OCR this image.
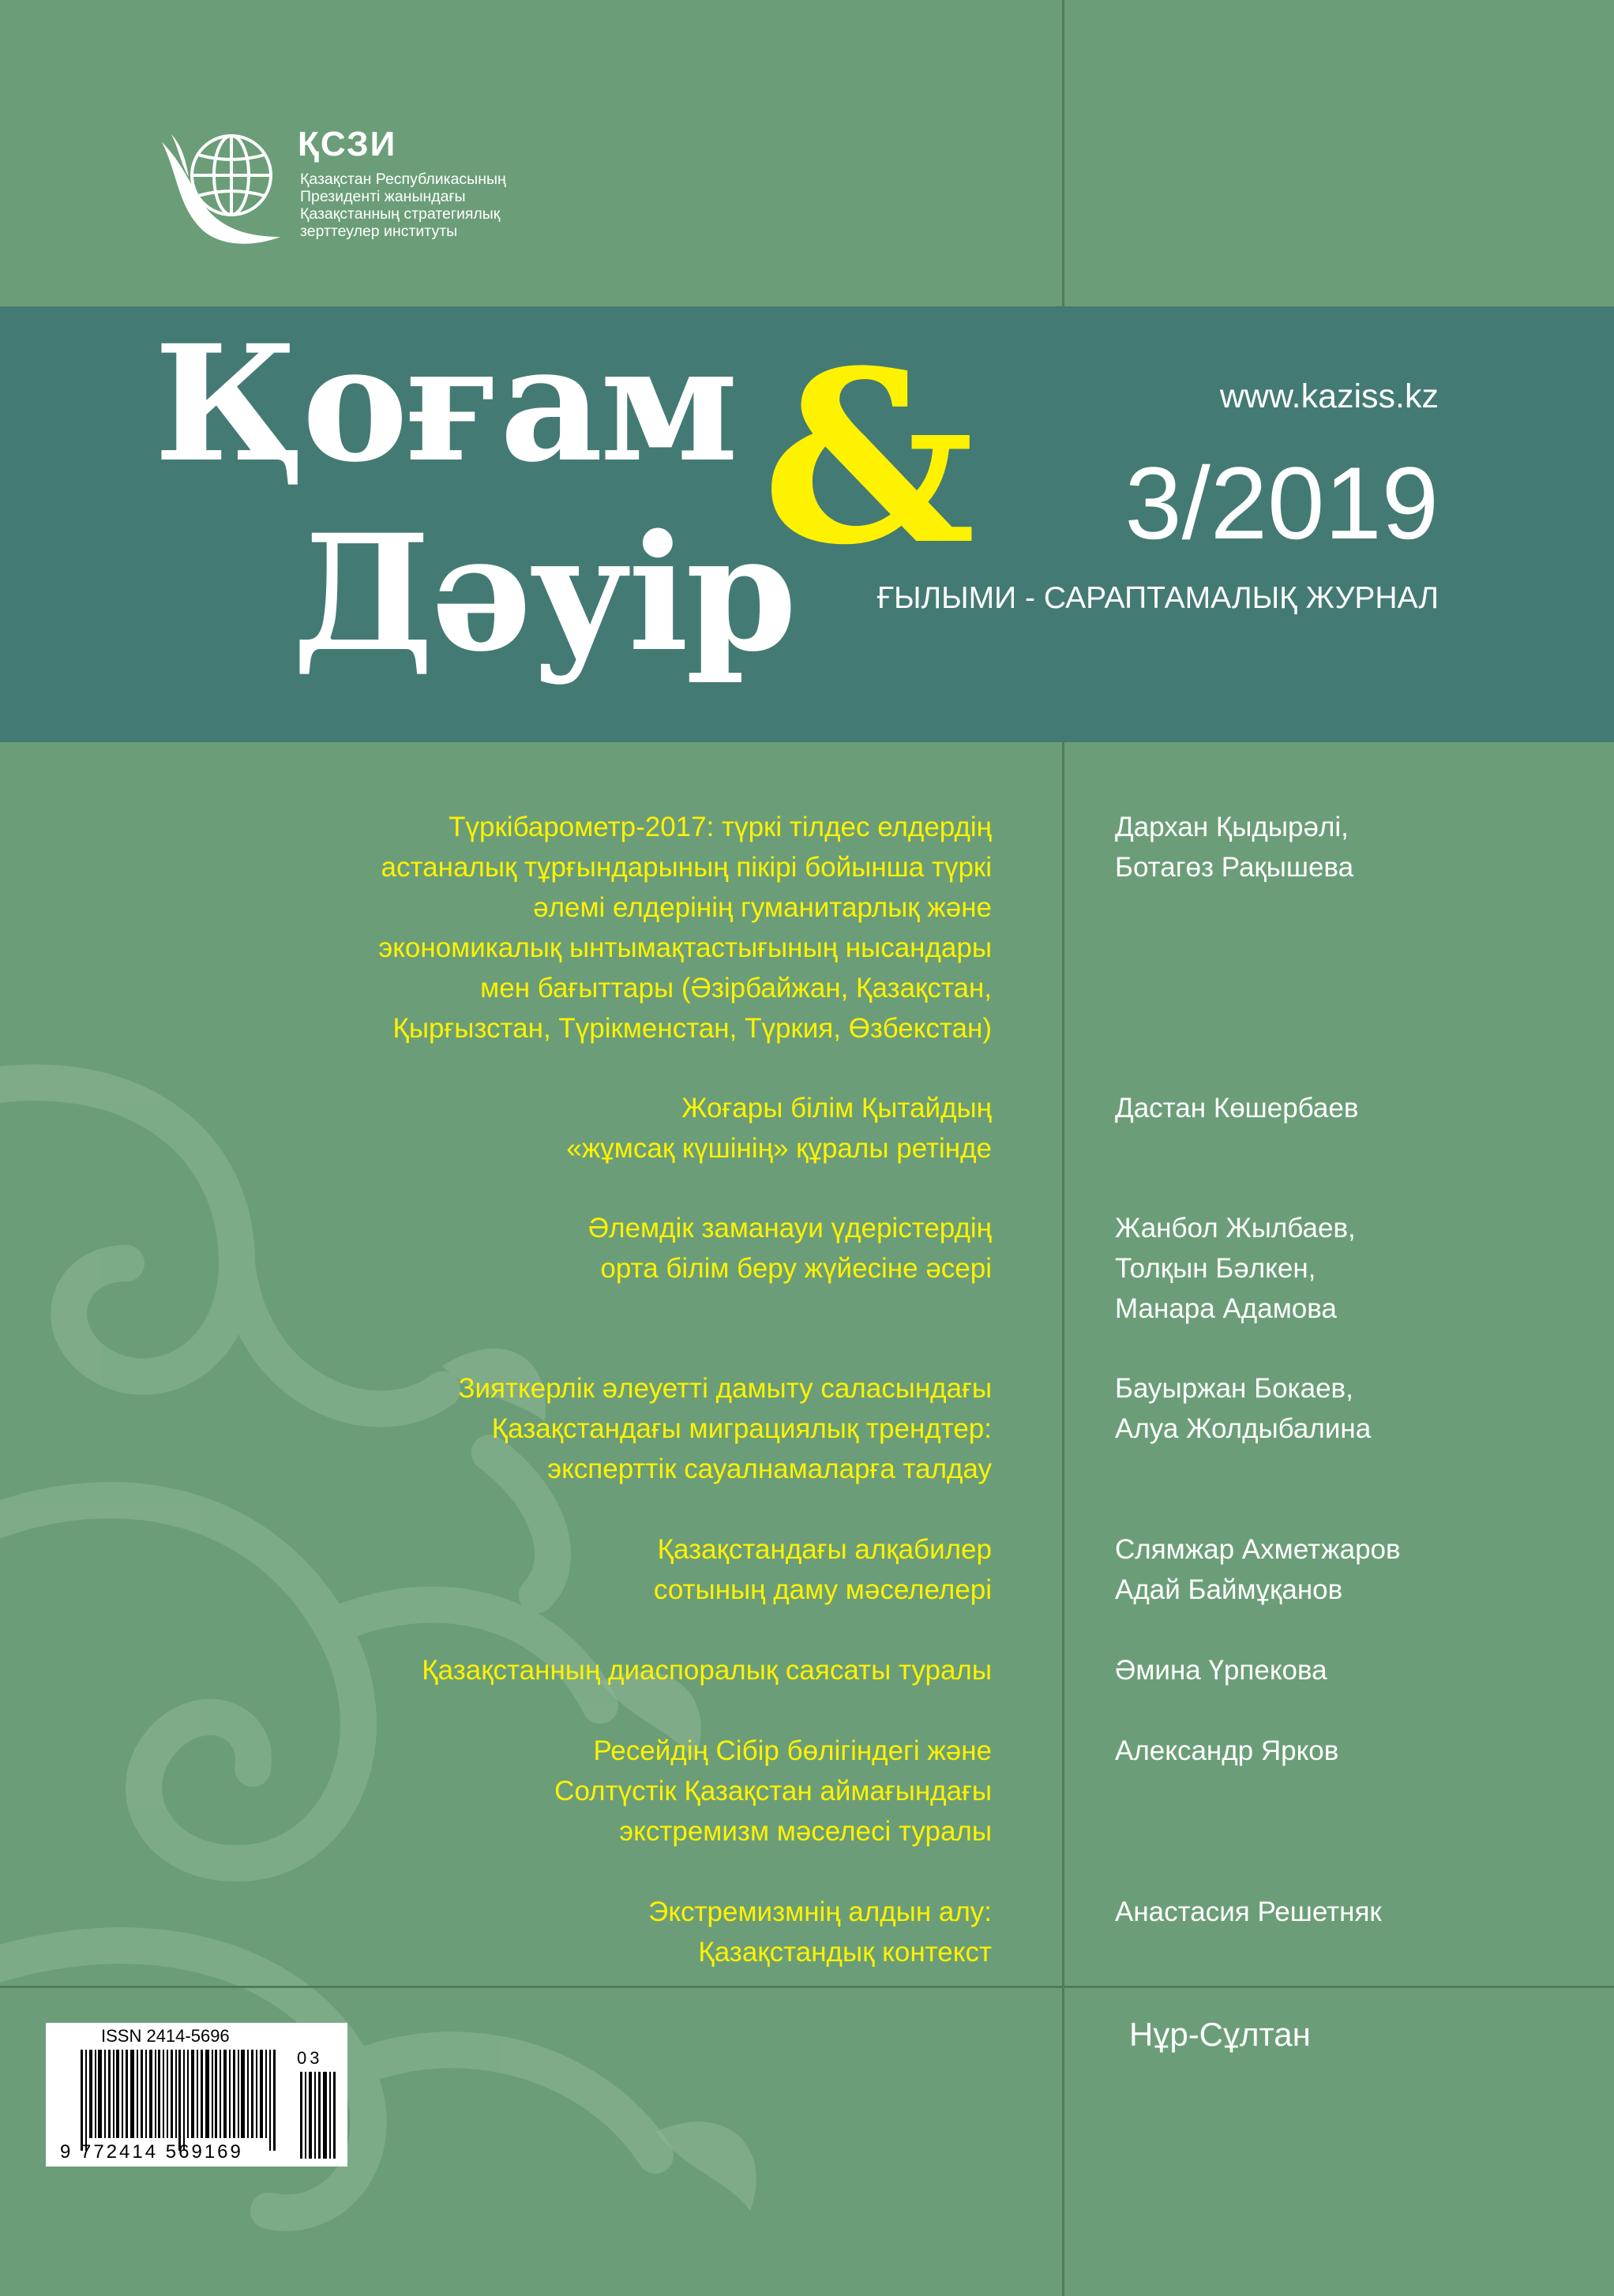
ҚСЗИ
Қазақстан Республикасының
Президенті жанындағы
Қазақстанның стратегиялық
зерттеулер институты
Қоғам
Дәуір
&	www.kaziss.kz
3/2019
ҒЫЛЫМИ - САРАПТАМАЛЫҚ ЖУРНАЛ
Түркібарометр-2017: түркі тілдес елдердің
астаналық тұрғындарының пікірі бойынша түркі
әлемі елдерінің гуманитарлық және
экономикалық ынтымақтастығының нысандары
мен бағыттары (Әзірбайжан, Қазақстан,
Қырғызстан, Түрікменстан, Түркия, Өзбекстан)
Дархан Қыдырәлі,
Ботагөз Рақышева
Жоғары білім Қытайдың
«жұмсақ күшінің» құралы ретінде
Дастан Көшербаев
Әлемдік заманауи үдерістердің
орта білім беру жүйесіне әсері
Жанбол Жылбаев,
Толқын Бәлкен,
Манара Адамова
Зияткерлік әлеуетті дамыту саласындағы
Қазақстандағы миграциялық трендтер:
эксперттік сауалнамаларға талдау
Бауыржан Бокаев,
Алуа Жолдыбалина
Қазақстандағы алқабилер
сотының даму мәселелері
Слямжар Ахметжаров
Адай Баймұқанов
Қазақстанның диаспоралық саясаты туралы	Әмина Үрпекова
Ресейдің Сібір бөлігіндегі және
Солтүстік Қазақстан аймағындағы
экстремизм мәселесі туралы
Александр Ярков
Экстремизмнің алдын алу:
Қазақстандық контекст
Анастасия Решетняк
Нұр-Сұлтан
ISSN 2414-5696
9 772414 569169
03
